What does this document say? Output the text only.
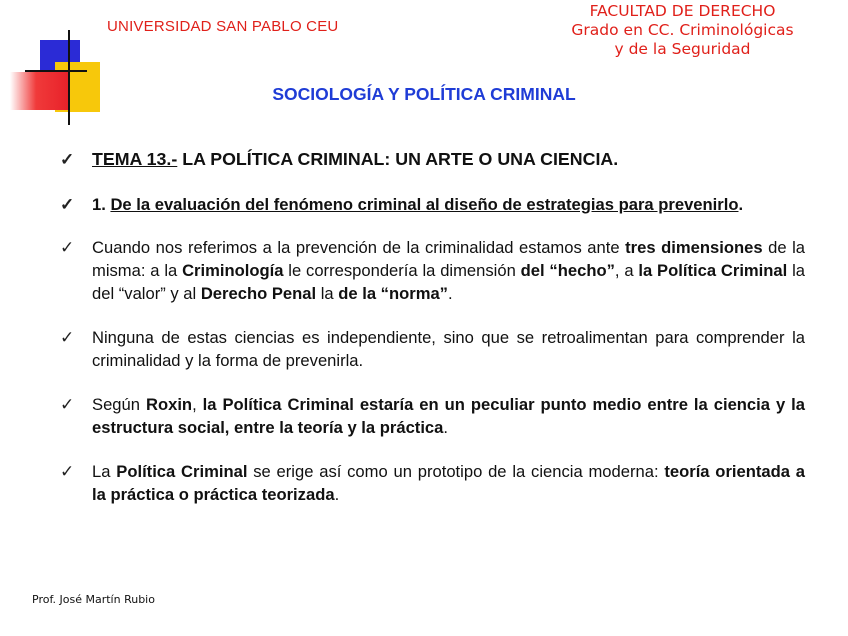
UNIVERSIDAD SAN PABLO CEU
FACULTAD DE DERECHO
Grado en CC. Criminológicas
y de la Seguridad
SOCIOLOGÍA Y POLÍTICA CRIMINAL
✓ TEMA 13.- LA POLÍTICA CRIMINAL: UN ARTE O UNA CIENCIA.
✓ 1. De la evaluación del fenómeno criminal al diseño de estrategias para prevenirlo.
✓ Cuando nos referimos a la prevención de la criminalidad estamos ante tres dimensiones de la misma: a la Criminología le correspondería la dimensión del “hecho”, a la Política Criminal la del “valor” y al Derecho Penal la de la “norma”.
✓ Ninguna de estas ciencias es independiente, sino que se retroalimentan para comprender la criminalidad y la forma de prevenirla.
✓ Según Roxin, la Política Criminal estaría en un peculiar punto medio entre la ciencia y la estructura social, entre la teoría y la práctica.
✓ La Política Criminal se erige así como un prototipo de la ciencia moderna: teoría orientada a la práctica o práctica teorizada.
Prof. José Martín Rubio
